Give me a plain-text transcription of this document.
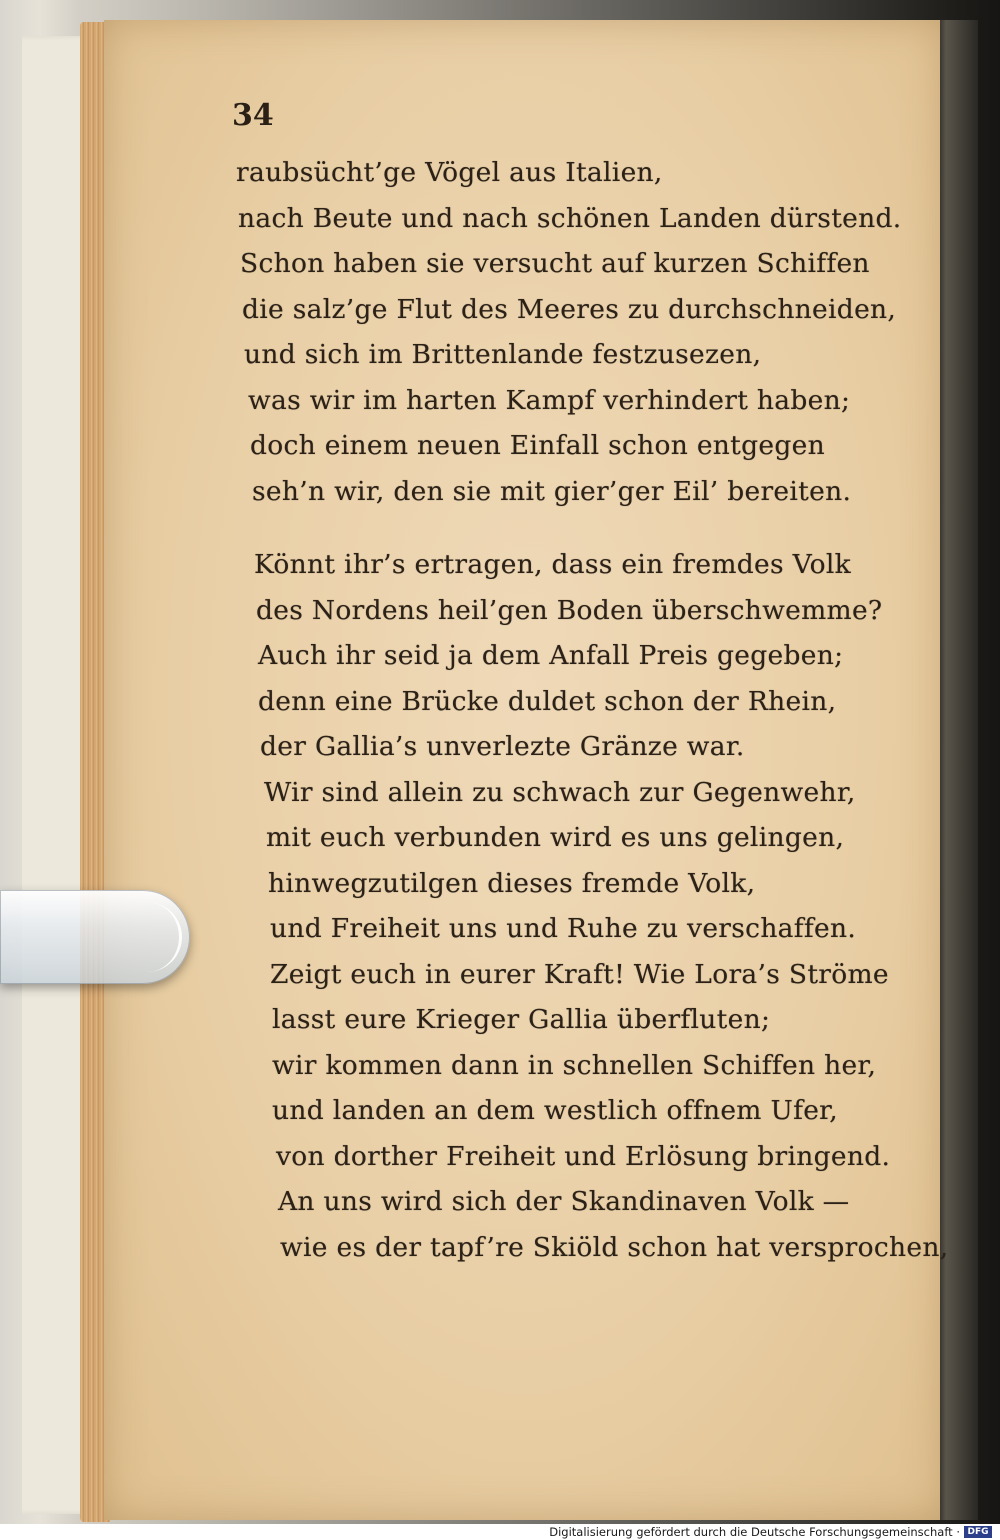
34

raubsücht’ge Vögel aus Italien,
nach Beute und nach schönen Landen dürstend.
Schon haben sie versucht auf kurzen Schiffen
die salz’ge Flut des Meeres zu durchschneiden,
und sich im Brittenlande festzusezen,
was wir im harten Kampf verhindert haben;
doch einem neuen Einfall schon entgegen
seh’n wir, den sie mit gier’ger Eil’ bereiten.
Könnt ihr’s ertragen, dass ein fremdes Volk
des Nordens heil’gen Boden überschwemme?
Auch ihr seid ja dem Anfall Preis gegeben;
denn eine Brücke duldet schon der Rhein,
der Gallia’s unverlezte Gränze war.
Wir sind allein zu schwach zur Gegenwehr,
mit euch verbunden wird es uns gelingen,
hinwegzutilgen dieses fremde Volk,
und Freiheit uns und Ruhe zu verschaffen.
Zeigt euch in eurer Kraft! Wie Lora’s Ströme
lasst eure Krieger Gallia überfluten;
wir kommen dann in schnellen Schiffen her,
und landen an dem westlich offnem Ufer,
von dorther Freiheit und Erlösung bringend.
An uns wird sich der Skandinaven Volk —
wie es der tapf’re Skiöld schon hat versprochen,
Digitalisierung gefördert durch die Deutsche Forschungsgemeinschaft · DFG
